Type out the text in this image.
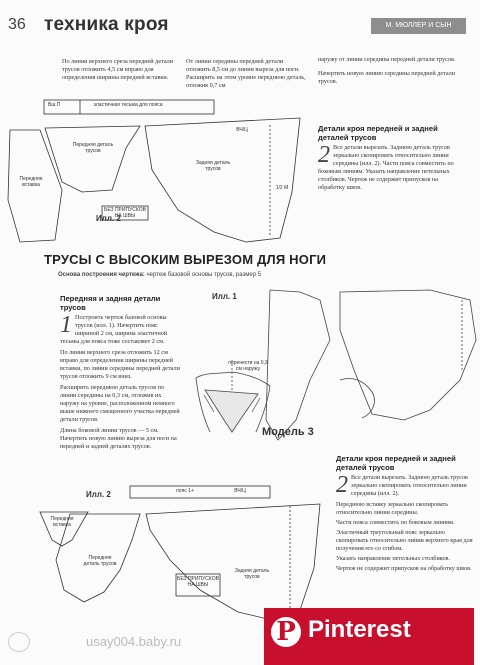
36 техника кроя	М. МЮЛЛЕР И СЫН
По линии верхнего среза передней детали трусов отложить 4,5 см вправо для определения ширины передней вставки.
От линии середины передней детали отложить 8,5 см до линии выреза для ноги. Расширить на этом уровне переднюю деталь, отложив 0,7 см
наружу от линии середины передней детали трусов.
Начертить новую линию середины передней детали трусов.
Детали кроя передней и задней деталей трусов
2 Все детали вырезать. Заднюю деталь трусов зеркально скопировать относительно линии середины (илл. 2). Части пояса совместить по боковым линиям. Указать направление петельных столбиков. Чертеж не содержит припусков на обработку швов.
эластичная тесьма для пояса
Вш.П
Передняя вставка
Передняя деталь трусов
Задняя деталь трусов
БЕЗ ПРИПУСКОВ НА ШВЫ
1/2 M
ВЧ/Ц
Илл. 2
ТРУСЫ С ВЫСОКИМ ВЫРЕЗОМ ДЛЯ НОГИ
Основа построения чертежа: чертеж базовой основы трусов, размер 5
Передняя и задняя детали трусов
1 Построить чертеж базовой основы трусов (илл. 1). Начертить пояс шириной 2 см, ширина эластичной тесьмы для пояса тоже составляет 2 см.
По линии верхнего среза отложить 12 см вправо для определения ширины передней вставки, по линии середины передней детали трусов отложить 9 см вниз.
Расширить переднюю деталь трусов по линии середины на 0,3 см, отложив их наружу на уровне, расположенном немного выше нижнего смещенного участка передней детали трусов.
Длина боковой линии трусов — 5 см. Начертить новую линию выреза для ноги на передней и задней деталях трусов.
Илл. 1
перенести на 0,3 см наружу
Модель 3
Детали кроя передней и задней деталей трусов
2 Все детали вырезать. Заднюю деталь трусов зеркально скопировать относительно линии середины (илл. 2).
Переднюю вставку зеркально скопировать относительно линии середины.
Части пояса совместить по боковым линиям.
Эластичный треугольный пояс зеркально скопировать относительно линии верхнего края для получения его со сгибом.
Указать направление петельных столбиков.
Чертеж не содержит припусков на обработку швов.
пояс 1+	ВЧ/Ц
Передняя вставка
Передняя деталь трусов
Задняя деталь трусов
БЕЗ ПРИПУСКОВ НА ШВЫ
Илл. 2
usay004.baby.ru	P Pinterest
